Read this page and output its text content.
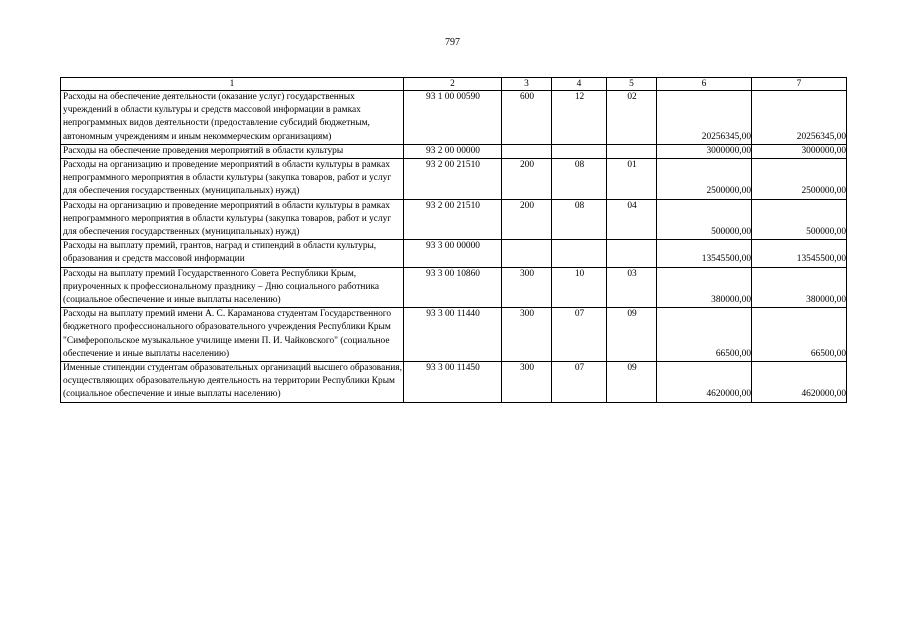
797
1	2	3	4	5	6	7
Расходы на обеспечение деятельности (оказание услуг) государственных учреждений в области культуры и средств массовой информации в рамках непрограммных видов деятельности (предоставление субсидий бюджетным, автономным учреждениям и иным некоммерческим организациям)	93 1 00 00590	600	12	02	20256345,00	20256345,00
Расходы на обеспечение проведения мероприятий в области культуры	93 2 00 00000				3000000,00	3000000,00
Расходы на организацию и проведение мероприятий в области культуры в рамках непрограммного мероприятия в области культуры (закупка товаров, работ и услуг для обеспечения государственных (муниципальных) нужд)	93 2 00 21510	200	08	01	2500000,00	2500000,00
Расходы на организацию и проведение мероприятий в области культуры в рамках непрограммного мероприятия в области культуры (закупка товаров, работ и услуг для обеспечения государственных (муниципальных) нужд)	93 2 00 21510	200	08	04	500000,00	500000,00
Расходы на выплату премий, грантов, наград и стипендий в области культуры, образования и средств массовой информации	93 3 00 00000				13545500,00	13545500,00
Расходы на выплату премий Государственного Совета Республики Крым, приуроченных к профессиональному празднику – Дню социального работника (социальное обеспечение и иные выплаты населению)	93 3 00 10860	300	10	03	380000,00	380000,00
Расходы на выплату премий имени А. С. Караманова студентам Государственного бюджетного профессионального образовательного учреждения Республики Крым "Симферопольское музыкальное училище имени П. И. Чайковского" (социальное обеспечение и иные выплаты населению)	93 3 00 11440	300	07	09	66500,00	66500,00
Именные стипендии студентам образовательных организаций высшего образования, осуществляющих образовательную деятельность на территории Республики Крым (социальное обеспечение и иные выплаты населению)	93 3 00 11450	300	07	09	4620000,00	4620000,00
